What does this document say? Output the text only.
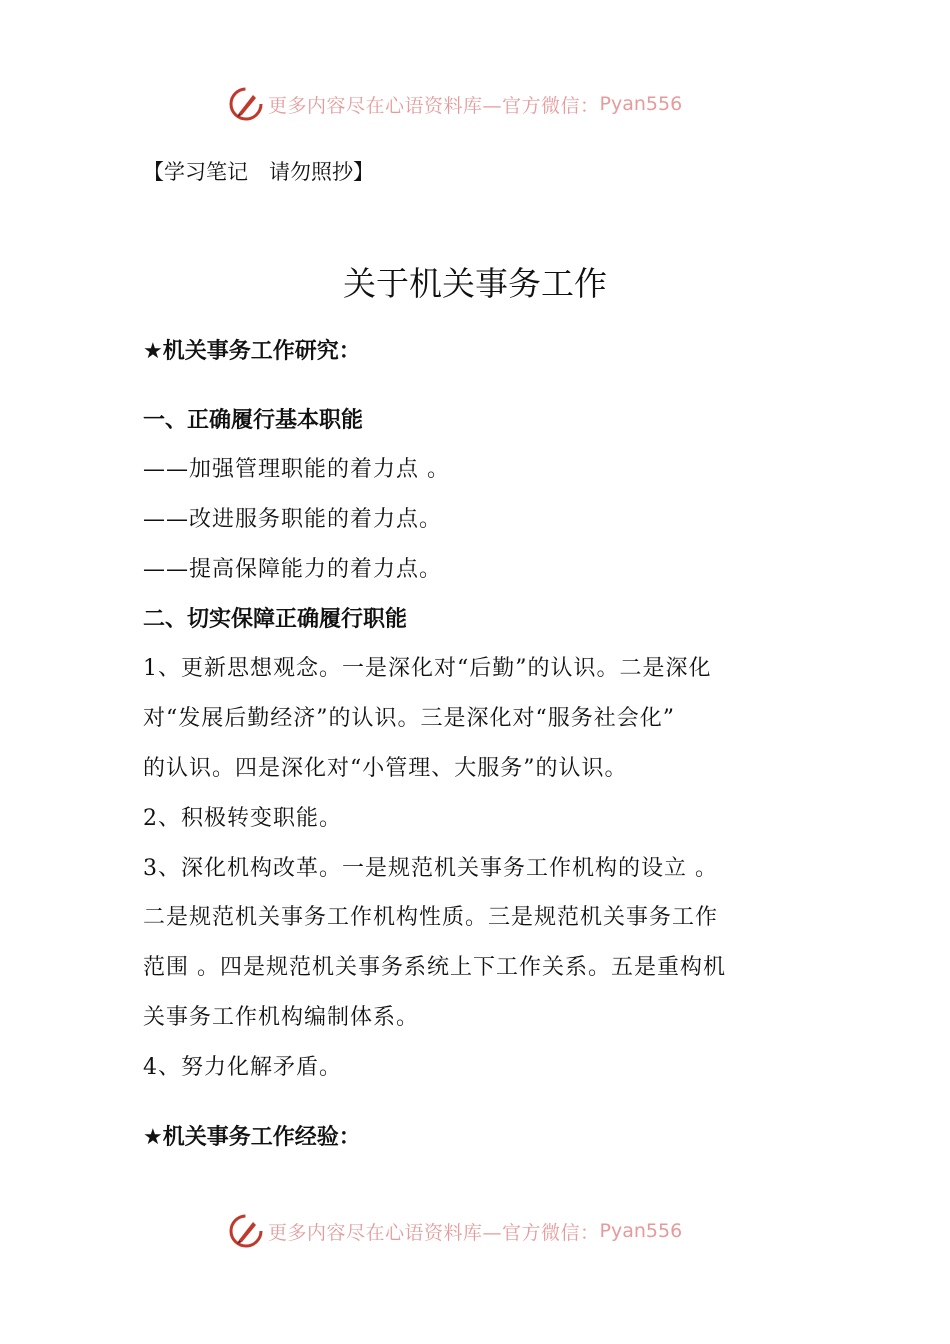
更多内容尽在心语资料库—官方微信： Pyan556
【学习笔记　请勿照抄】
关于机关事务工作
★机关事务工作研究：
一、正确履行基本职能
——加强管理职能的着力点 。
——改进服务职能的着力点。
——提高保障能力的着力点。
二、切实保障正确履行职能
1、更新思想观念。一是深化对“后勤”的认识。二是深化
对“发展后勤经济”的认识。三是深化对“服务社会化”
的认识。四是深化对“小管理、大服务”的认识。
2、积极转变职能。
3、深化机构改革。一是规范机关事务工作机构的设立 。
二是规范机关事务工作机构性质。三是规范机关事务工作
范围 。四是规范机关事务系统上下工作关系。五是重构机
关事务工作机构编制体系。
4、努力化解矛盾。
★机关事务工作经验：
更多内容尽在心语资料库—官方微信： Pyan556
